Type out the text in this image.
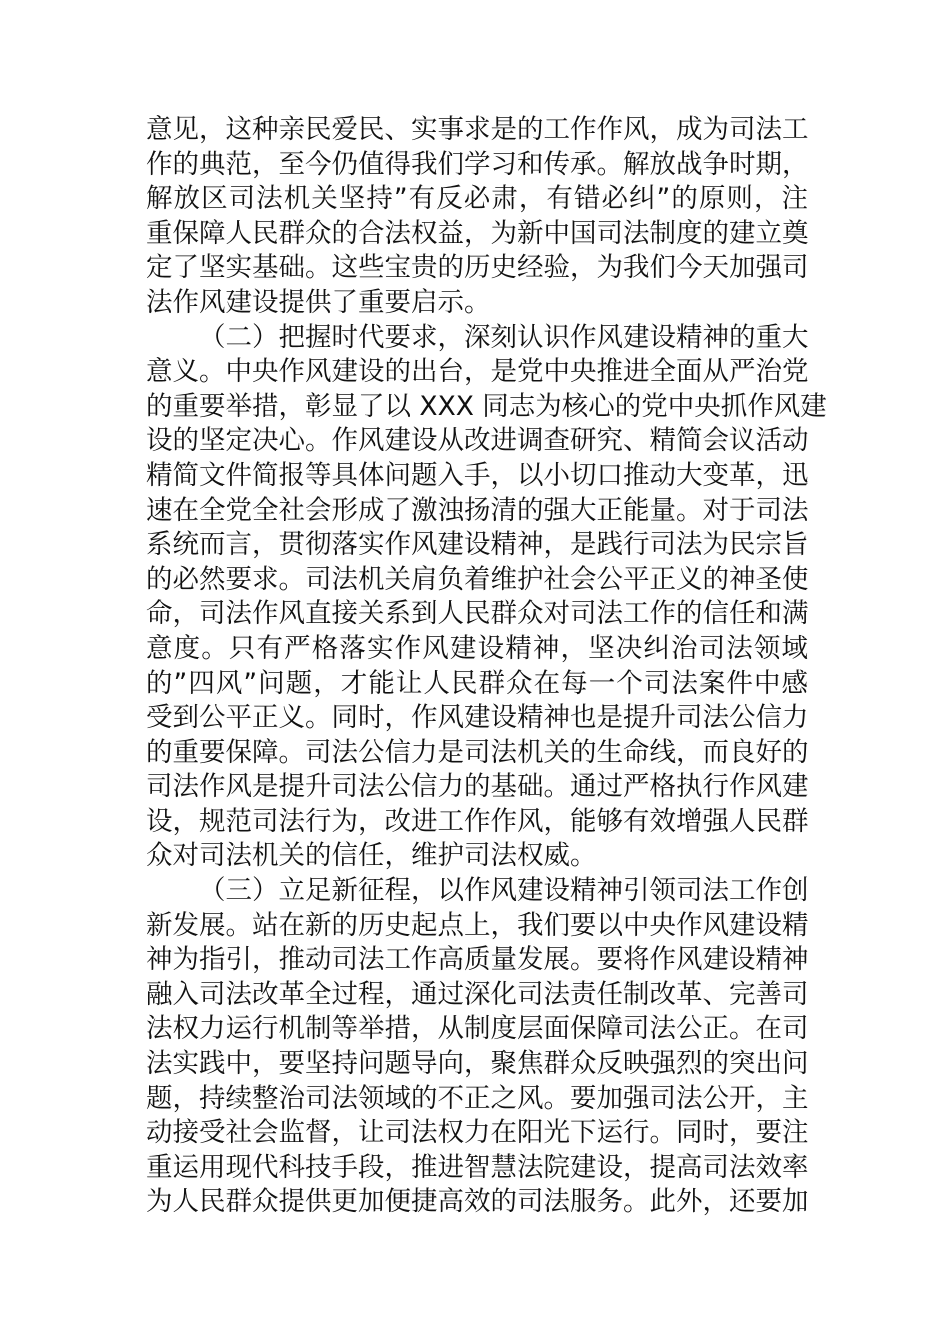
意见，这种亲民爱民、实事求是的工作作风，成为司法工
作的典范，至今仍值得我们学习和传承。解放战争时期，
解放区司法机关坚持”有反必肃，有错必纠”的原则，注
重保障人民群众的合法权益，为新中国司法制度的建立奠
定了坚实基础。这些宝贵的历史经验，为我们今天加强司
法作风建设提供了重要启示。
（二）把握时代要求，深刻认识作风建设精神的重大
意义。中央作风建设的出台，是党中央推进全面从严治党
的重要举措，彰显了以 XXX 同志为核心的党中央抓作风建
设的坚定决心。作风建设从改进调查研究、精简会议活动
精简文件简报等具体问题入手，以小切口推动大变革，迅
速在全党全社会形成了激浊扬清的强大正能量。对于司法
系统而言，贯彻落实作风建设精神，是践行司法为民宗旨
的必然要求。司法机关肩负着维护社会公平正义的神圣使
命，司法作风直接关系到人民群众对司法工作的信任和满
意度。只有严格落实作风建设精神，坚决纠治司法领域
的”四风”问题，才能让人民群众在每一个司法案件中感
受到公平正义。同时，作风建设精神也是提升司法公信力
的重要保障。司法公信力是司法机关的生命线，而良好的
司法作风是提升司法公信力的基础。通过严格执行作风建
设，规范司法行为，改进工作作风，能够有效增强人民群
众对司法机关的信任，维护司法权威。
（三）立足新征程，以作风建设精神引领司法工作创
新发展。站在新的历史起点上，我们要以中央作风建设精
神为指引，推动司法工作高质量发展。要将作风建设精神
融入司法改革全过程，通过深化司法责任制改革、完善司
法权力运行机制等举措，从制度层面保障司法公正。在司
法实践中，要坚持问题导向，聚焦群众反映强烈的突出问
题，持续整治司法领域的不正之风。要加强司法公开，主
动接受社会监督，让司法权力在阳光下运行。同时，要注
重运用现代科技手段，推进智慧法院建设，提高司法效率
为人民群众提供更加便捷高效的司法服务。此外，还要加
